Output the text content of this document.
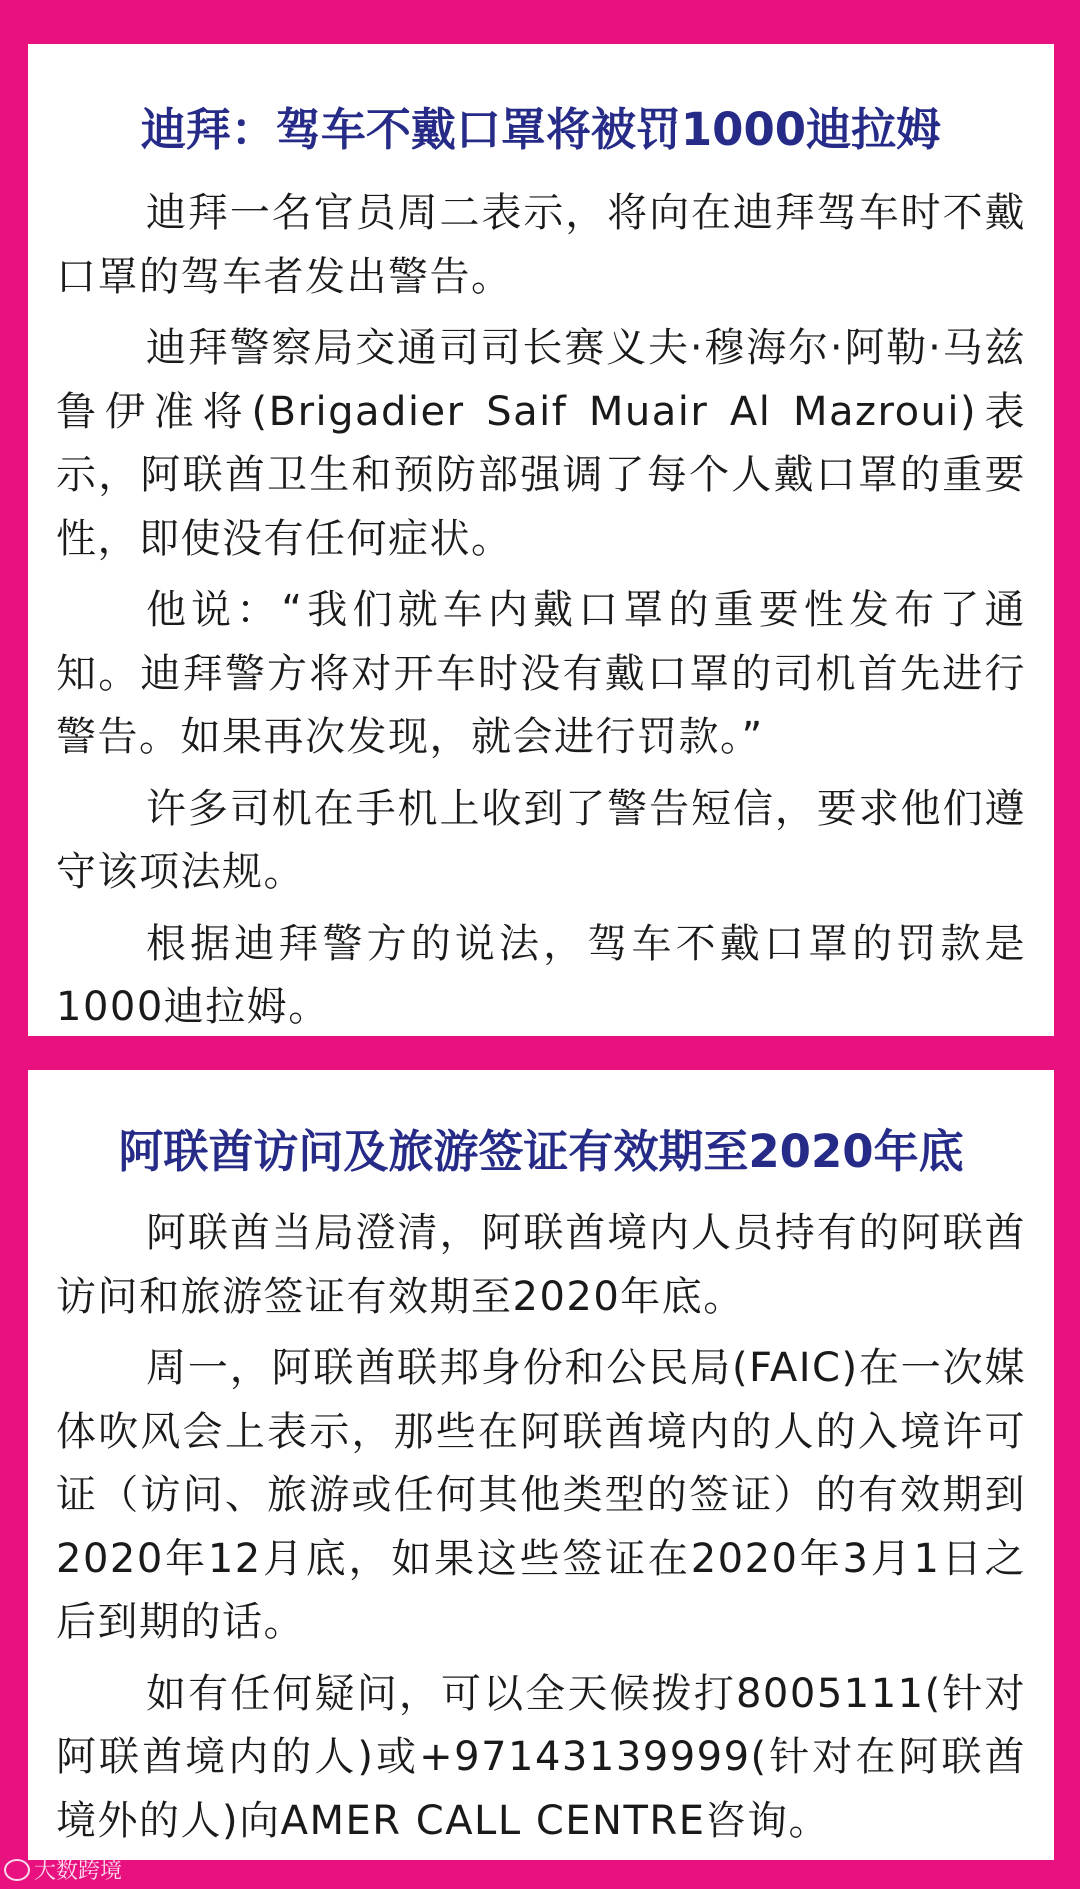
迪拜：驾车不戴口罩将被罚1000迪拉姆

迪拜一名官员周二表示，将向在迪拜驾车时不戴口罩的驾车者发出警告。

迪拜警察局交通司司长赛义夫·穆海尔·阿勒·马兹鲁伊准将(Brigadier Saif Muair Al Mazroui)表示，阿联酋卫生和预防部强调了每个人戴口罩的重要性，即使没有任何症状。

他说：“我们就车内戴口罩的重要性发布了通知。迪拜警方将对开车时没有戴口罩的司机首先进行警告。如果再次发现，就会进行罚款。”

许多司机在手机上收到了警告短信，要求他们遵守该项法规。

根据迪拜警方的说法，驾车不戴口罩的罚款是1000迪拉姆。

阿联酋访问及旅游签证有效期至2020年底

阿联酋当局澄清，阿联酋境内人员持有的阿联酋访问和旅游签证有效期至2020年底。

周一，阿联酋联邦身份和公民局(FAIC)在一次媒体吹风会上表示，那些在阿联酋境内的人的入境许可证（访问、旅游或任何其他类型的签证）的有效期到2020年12月底，如果这些签证在2020年3月1日之后到期的话。

如有任何疑问，可以全天候拨打8005111(针对阿联酋境内的人)或+97143139999(针对在阿联酋境外的人)向AMER CALL CENTRE咨询。

大数跨境
